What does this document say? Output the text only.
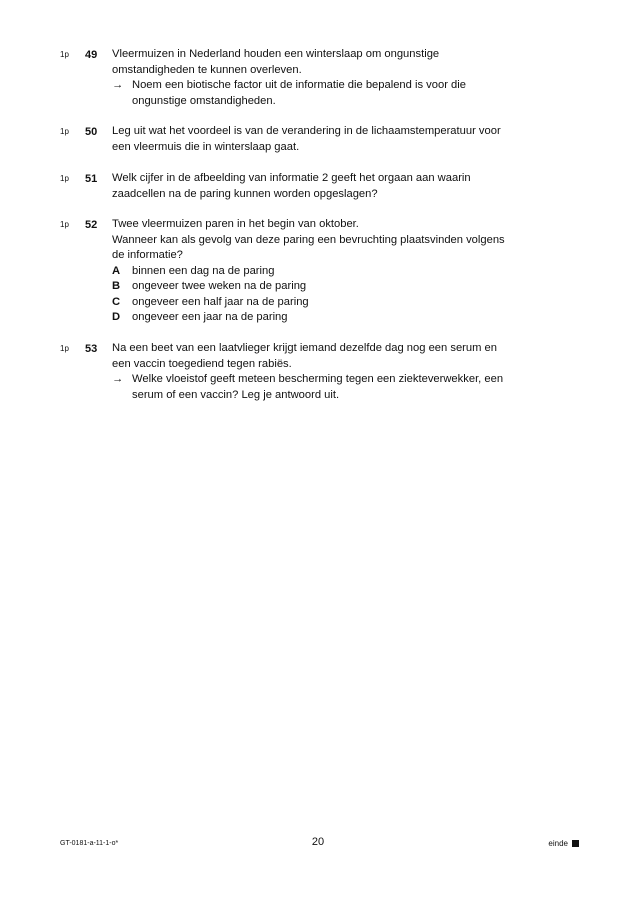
1p 49 Vleermuizen in Nederland houden een winterslaap om ongunstige
omstandigheden te kunnen overleven.
→ Noem een biotische factor uit de informatie die bepalend is voor die
ongunstige omstandigheden.
1p 50 Leg uit wat het voordeel is van de verandering in de lichaamstemperatuur voor
een vleermuis die in winterslaap gaat.
1p 51 Welk cijfer in de afbeelding van informatie 2 geeft het orgaan aan waarin
zaadcellen na de paring kunnen worden opgeslagen?
1p 52 Twee vleermuizen paren in het begin van oktober.
Wanneer kan als gevolg van deze paring een bevruchting plaatsvinden volgens
de informatie?
A binnen een dag na de paring
B ongeveer twee weken na de paring
C ongeveer een half jaar na de paring
D ongeveer een jaar na de paring
1p 53 Na een beet van een laatvlieger krijgt iemand dezelfde dag nog een serum en
een vaccin toegediend tegen rabiës.
→ Welke vloeistof geeft meteen bescherming tegen een ziekteverwekker, een
serum of een vaccin? Leg je antwoord uit.
GT-0181-a-11-1-o*	20	einde
